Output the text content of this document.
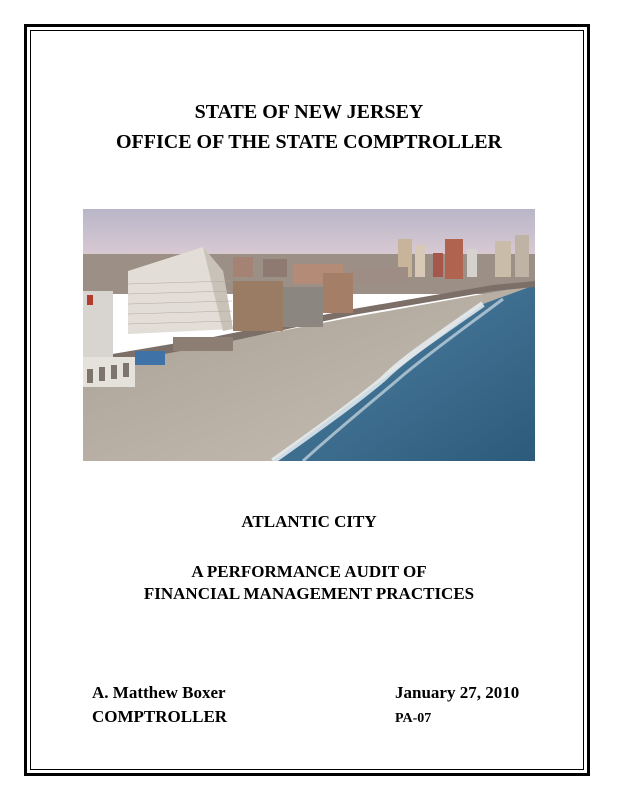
STATE OF NEW JERSEY
OFFICE OF THE STATE COMPTROLLER
ATLANTIC CITY
A PERFORMANCE AUDIT OF
FINANCIAL MANAGEMENT PRACTICES
A. Matthew Boxer
COMPTROLLER
January 27, 2010
PA-07
